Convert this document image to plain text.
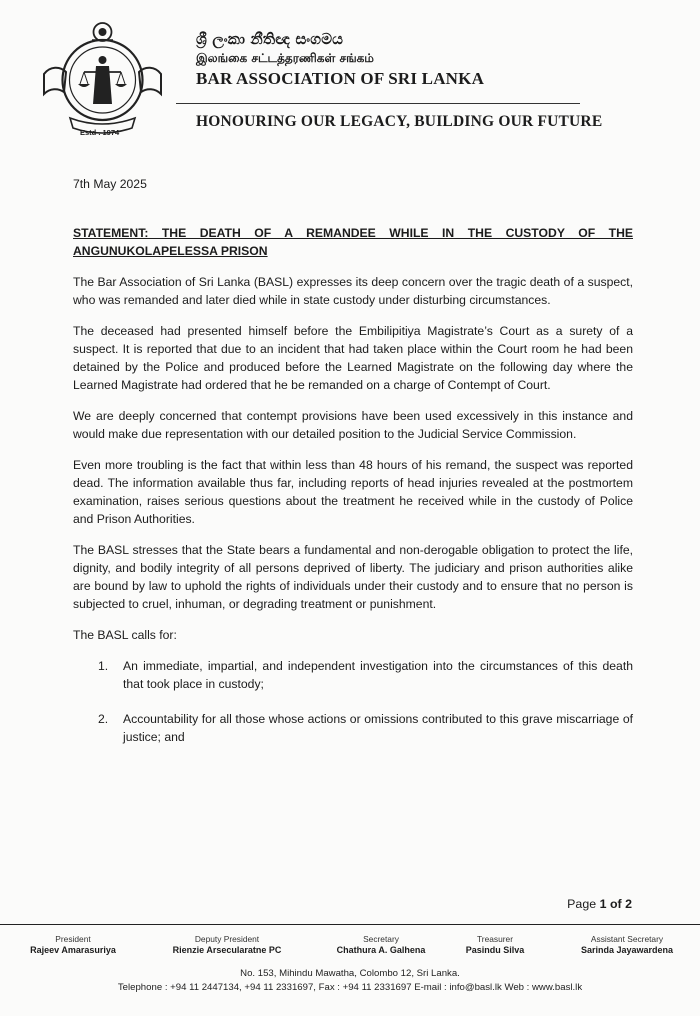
Estd . 1974
ශ්‍රී ලංකා නීතිඥ සංගමය
இலங்கை சட்டத்தரணிகள் சங்கம்
BAR ASSOCIATION OF SRI LANKA
HONOURING OUR LEGACY, BUILDING OUR FUTURE

7th May 2025

STATEMENT: THE DEATH OF A REMANDEE WHILE IN THE CUSTODY OF THE

ANGUNUKOLAPELESSA PRISON

The Bar Association of Sri Lanka (BASL) expresses its deep concern over the tragic death of a suspect, who was remanded and later died while in state custody under disturbing circumstances.

The deceased had presented himself before the Embilipitiya Magistrate’s Court as a surety of a suspect. It is reported that due to an incident that had taken place within the Court room he had been detained by the Police and produced before the Learned Magistrate on the following day where the Learned Magistrate had ordered that he be remanded on a charge of Contempt of Court.

We are deeply concerned that contempt provisions have been used excessively in this instance and would make due representation with our detailed position to the Judicial Service Commission.

Even more troubling is the fact that within less than 48 hours of his remand, the suspect was reported dead. The information available thus far, including reports of head injuries revealed at the postmortem examination, raises serious questions about the treatment he received while in the custody of Police and Prison Authorities.

The BASL stresses that the State bears a fundamental and non-derogable obligation to protect the life, dignity, and bodily integrity of all persons deprived of liberty. The judiciary and prison authorities alike are bound by law to uphold the rights of individuals under their custody and to ensure that no person is subjected to cruel, inhuman, or degrading treatment or punishment.

The BASL calls for:

1. An immediate, impartial, and independent investigation into the circumstances of this death that took place in custody;
2. Accountability for all those whose actions or omissions contributed to this grave miscarriage of justice; and
Page 1 of 2
President
Rajeev Amarasuriya
Deputy President
Rienzie Arsecularatne PC
Secretary
Chathura A. Galhena
Treasurer
Pasindu Silva
Assistant Secretary
Sarinda Jayawardena
No. 153, Mihindu Mawatha, Colombo 12, Sri Lanka.
Telephone : +94 11 2447134, +94 11 2331697, Fax : +94 11 2331697 E-mail : info@basl.lk Web : www.basl.lk
